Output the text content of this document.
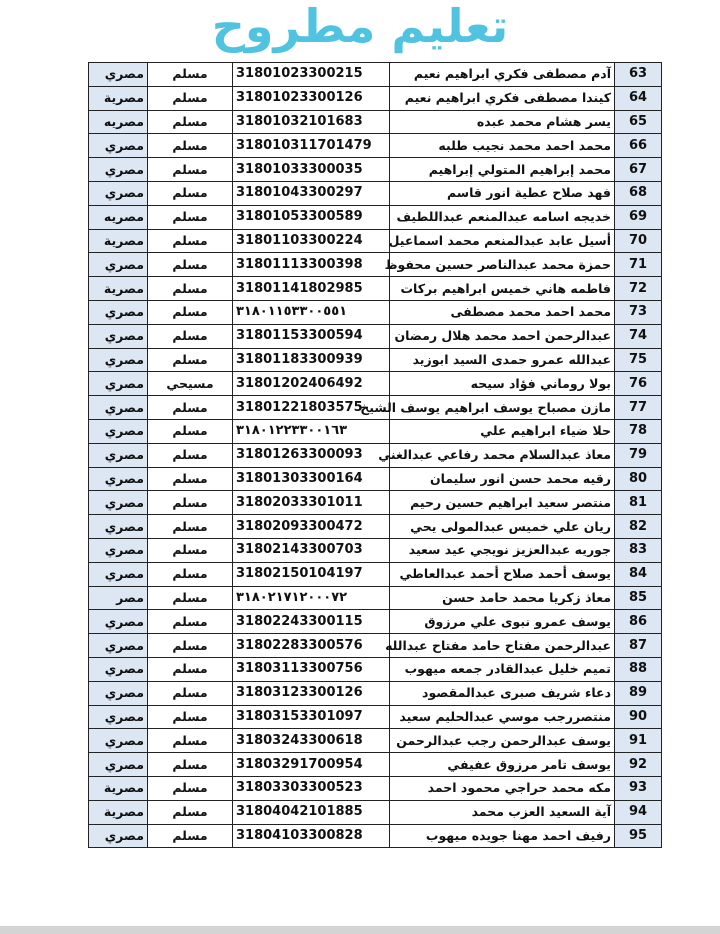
تعليم مطروح
مصري	مسلم	31801023300215	آدم مصطفى فكري ابراهيم نعيم	63
مصرية	مسلم	31801023300126	كيندا مصطفى فكري ابراهيم نعيم	64
مصريه	مسلم	31801032101683	يسر هشام محمد عبده	65
مصري	مسلم	318010311701479	محمد احمد محمد نجيب طلبه	66
مصري	مسلم	31801033300035	محمد إبراهيم المتولي إبراهيم	67
مصري	مسلم	31801043300297	فهد صلاح عطية انور قاسم	68
مصريه	مسلم	31801053300589	خديجه اسامه عبدالمنعم عبداللطيف	69
مصرية	مسلم	31801103300224	أسيل عابد عبدالمنعم محمد اسماعيل	70
مصري	مسلم	31801113300398	حمزة محمد عبدالناصر حسين محفوظ	71
مصرية	مسلم	31801141802985	فاطمه هاني خميس ابراهيم بركات	72
مصري	مسلم	٣١٨٠١١٥٣٣٠٠٥٥١	محمد احمد محمد مصطفى	73
مصري	مسلم	31801153300594	عبدالرحمن احمد محمد هلال رمضان	74
مصري	مسلم	31801183300939	عبدالله عمرو حمدى السيد ابوزيد	75
مصري	مسيحي	31801202406492	بولا روماني فؤاد سيحه	76
مصري	مسلم	31801221803575	مازن مصباح يوسف ابراهيم يوسف الشيخ	77
مصري	مسلم	٣١٨٠١٢٢٣٣٠٠١٦٣	حلا ضياء ابراهيم علي	78
مصري	مسلم	31801263300093	معاذ عبدالسلام محمد رفاعي عبدالغني	79
مصري	مسلم	31801303300164	رقيه محمد حسن انور سليمان	80
مصري	مسلم	31802033301011	منتصر سعيد ابراهيم حسين رحيم	81
مصري	مسلم	31802093300472	ريان علي خميس عبدالمولى يحي	82
مصري	مسلم	31802143300703	جوريه عبدالعزيز نويجي عيد سعيد	83
مصري	مسلم	31802150104197	يوسف أحمد صلاح أحمد عبدالعاطي	84
مصر	مسلم	٣١٨٠٢١٧١٢٠٠٠٧٢	معاذ زكريا محمد حامد حسن	85
مصري	مسلم	31802243300115	يوسف عمرو نبوى علي مرزوق	86
مصري	مسلم	31802283300576	عبدالرحمن مفتاح حامد مفتاح عبدالله	87
مصري	مسلم	31803113300756	تميم خليل عبدالقادر جمعه ميهوب	88
مصري	مسلم	31803123300126	دعاء شريف صبرى عبدالمقصود	89
مصري	مسلم	31803153301097	منتصررجب موسي عبدالحليم سعيد	90
مصري	مسلم	31803243300618	يوسف عبدالرحمن رجب عبدالرحمن	91
مصري	مسلم	31803291700954	يوسف تامر مرزوق عفيفي	92
مصرية	مسلم	31803303300523	مكه محمد حراجي محمود احمد	93
مصرية	مسلم	31804042101885	آية السعيد العزب محمد	94
مصري	مسلم	31804103300828	رفيف احمد مهنا جويده ميهوب	95
